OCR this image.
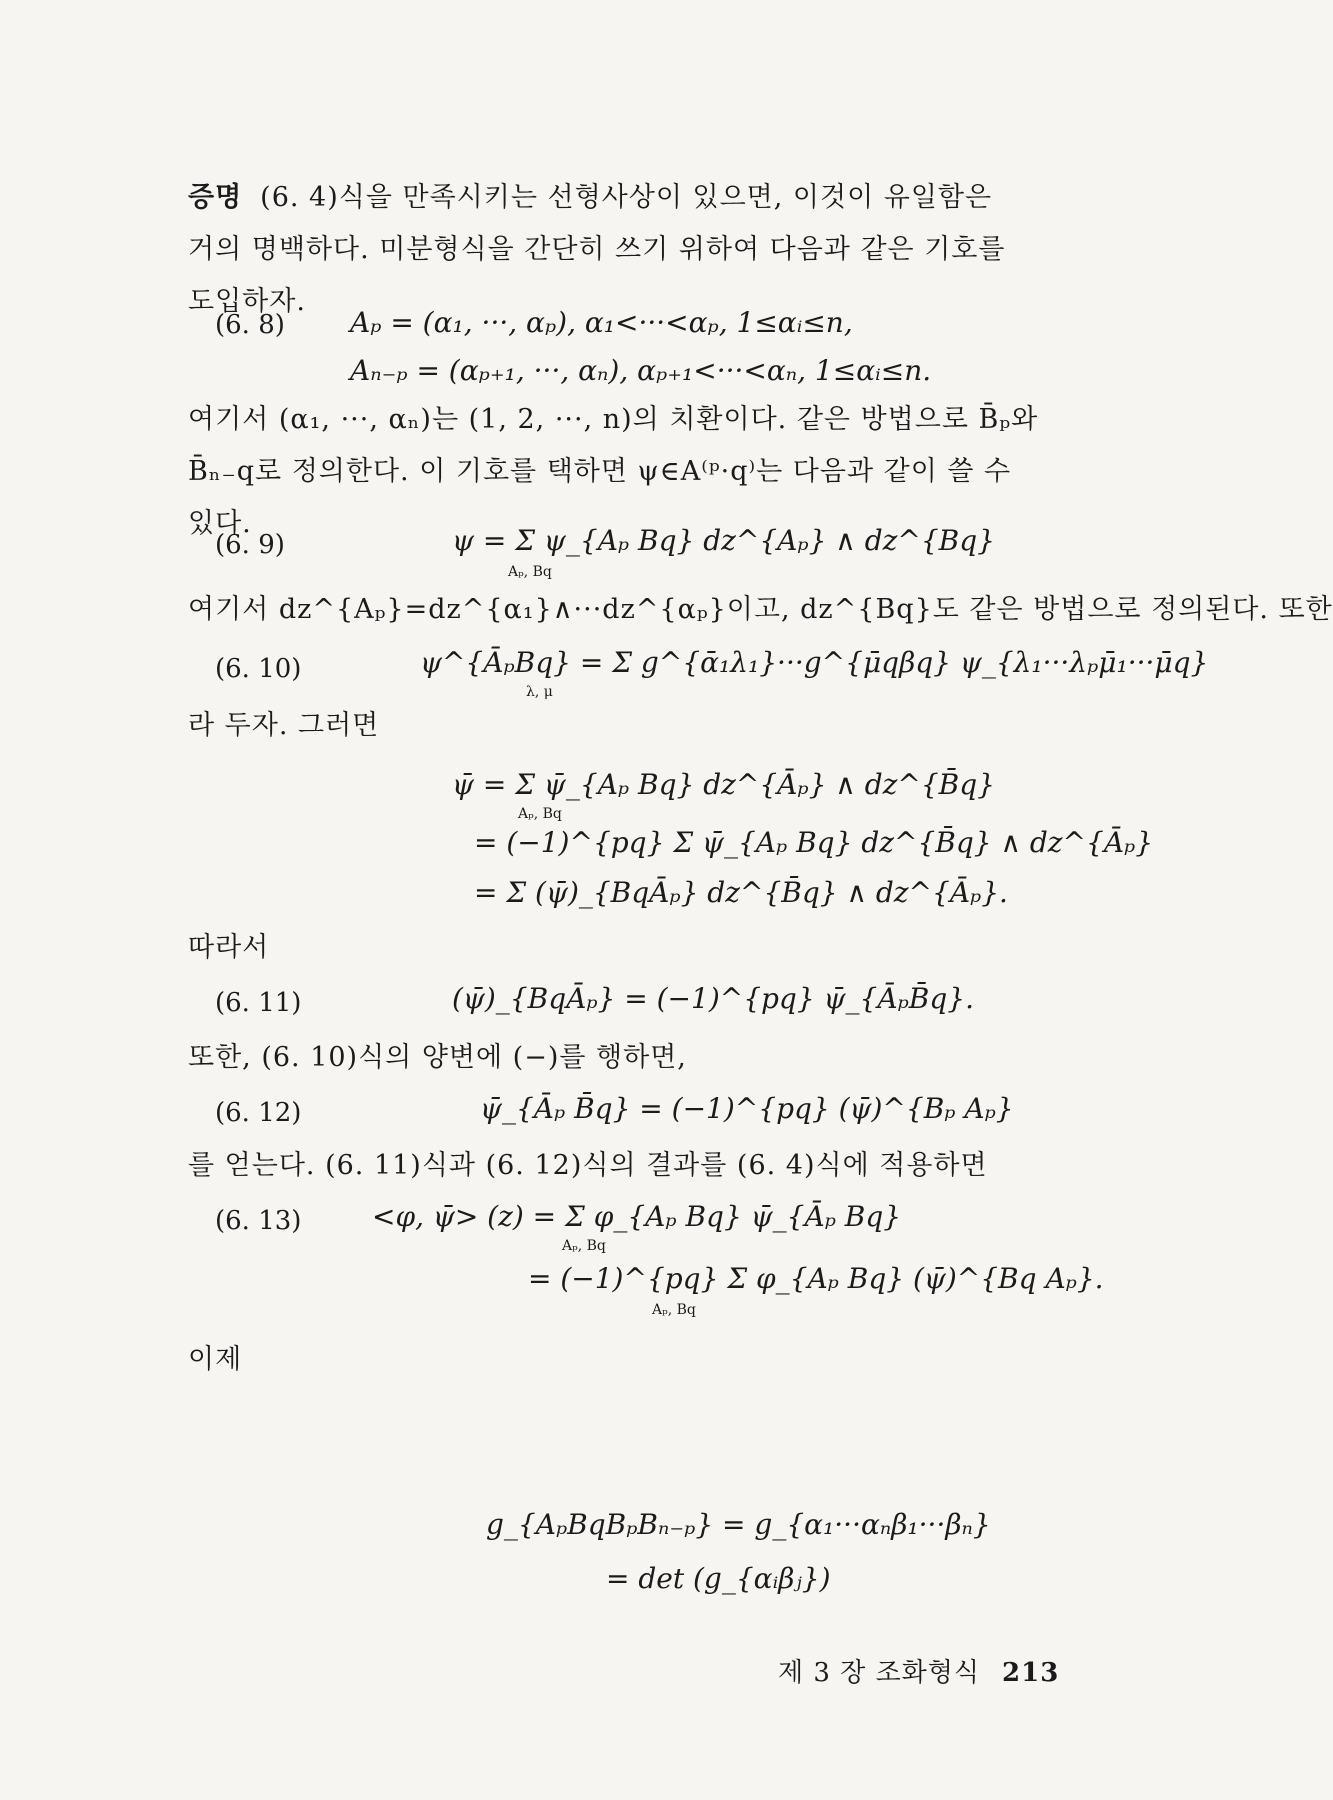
증명 (6. 4)식을 만족시키는 선형사상이 있으면, 이것이 유일함은
거의 명백하다. 미분형식을 간단히 쓰기 위하여 다음과 같은 기호를
도입하자.
(6. 8) Aₚ = (α₁, ···, αₚ), α₁<···<αₚ, 1≤αᵢ≤n,
Aₙ₋ₚ = (αₚ₊₁, ···, αₙ), αₚ₊₁<···<αₙ, 1≤αᵢ≤n.
여기서 (α₁, ···, αₙ)는 (1, 2, ···, n)의 치환이다. 같은 방법으로 B̄ₚ와
B̄ₙ₋q로 정의한다. 이 기호를 택하면 ψ∈A⁽ᵖ·q⁾는 다음과 같이 쓸 수
있다.
(6. 9)	ψ = Σ ψ_{Aₚ Bq} dz^{Aₚ} ∧ dz^{Bq}
Aₚ, Bq
여기서 dz^{Aₚ}=dz^{α₁}∧···dz^{αₚ}이고, dz^{Bq}도 같은 방법으로 정의된다. 또한
(6. 10)	ψ^{ĀₚBq} = Σ g^{ᾱ₁λ₁}···g^{μ̄qβq} ψ_{λ₁···λₚμ̄₁···μ̄q}
λ, μ
라 두자. 그러면
ψ̄ = Σ ψ̄_{Aₚ Bq} dz^{Āₚ} ∧ dz^{B̄q}
Aₚ, Bq
= (−1)^{pq} Σ ψ̄_{Aₚ Bq} dz^{B̄q} ∧ dz^{Āₚ}
= Σ (ψ̄)_{BqĀₚ} dz^{B̄q} ∧ dz^{Āₚ}.
따라서
(6. 11)	(ψ̄)_{BqĀₚ} = (−1)^{pq} ψ̄_{ĀₚB̄q}.
또한, (6. 10)식의 양변에 (−)를 행하면,
(6. 12)	ψ̄_{Āₚ B̄q} = (−1)^{pq} (ψ̄)^{Bₚ Aₚ}
를 얻는다. (6. 11)식과 (6. 12)식의 결과를 (6. 4)식에 적용하면
(6. 13)	<φ, ψ̄> (z) = Σ φ_{Aₚ Bq} ψ̄_{Āₚ Bq}
Aₚ, Bq
= (−1)^{pq} Σ φ_{Aₚ Bq} (ψ̄)^{Bq Aₚ}.
Aₚ, Bq
이제
g_{AₚBqBₚBₙ₋ₚ} = g_{α₁···αₙβ₁···βₙ}
= det (g_{αᵢβⱼ})
제 3 장 조화형식 213
